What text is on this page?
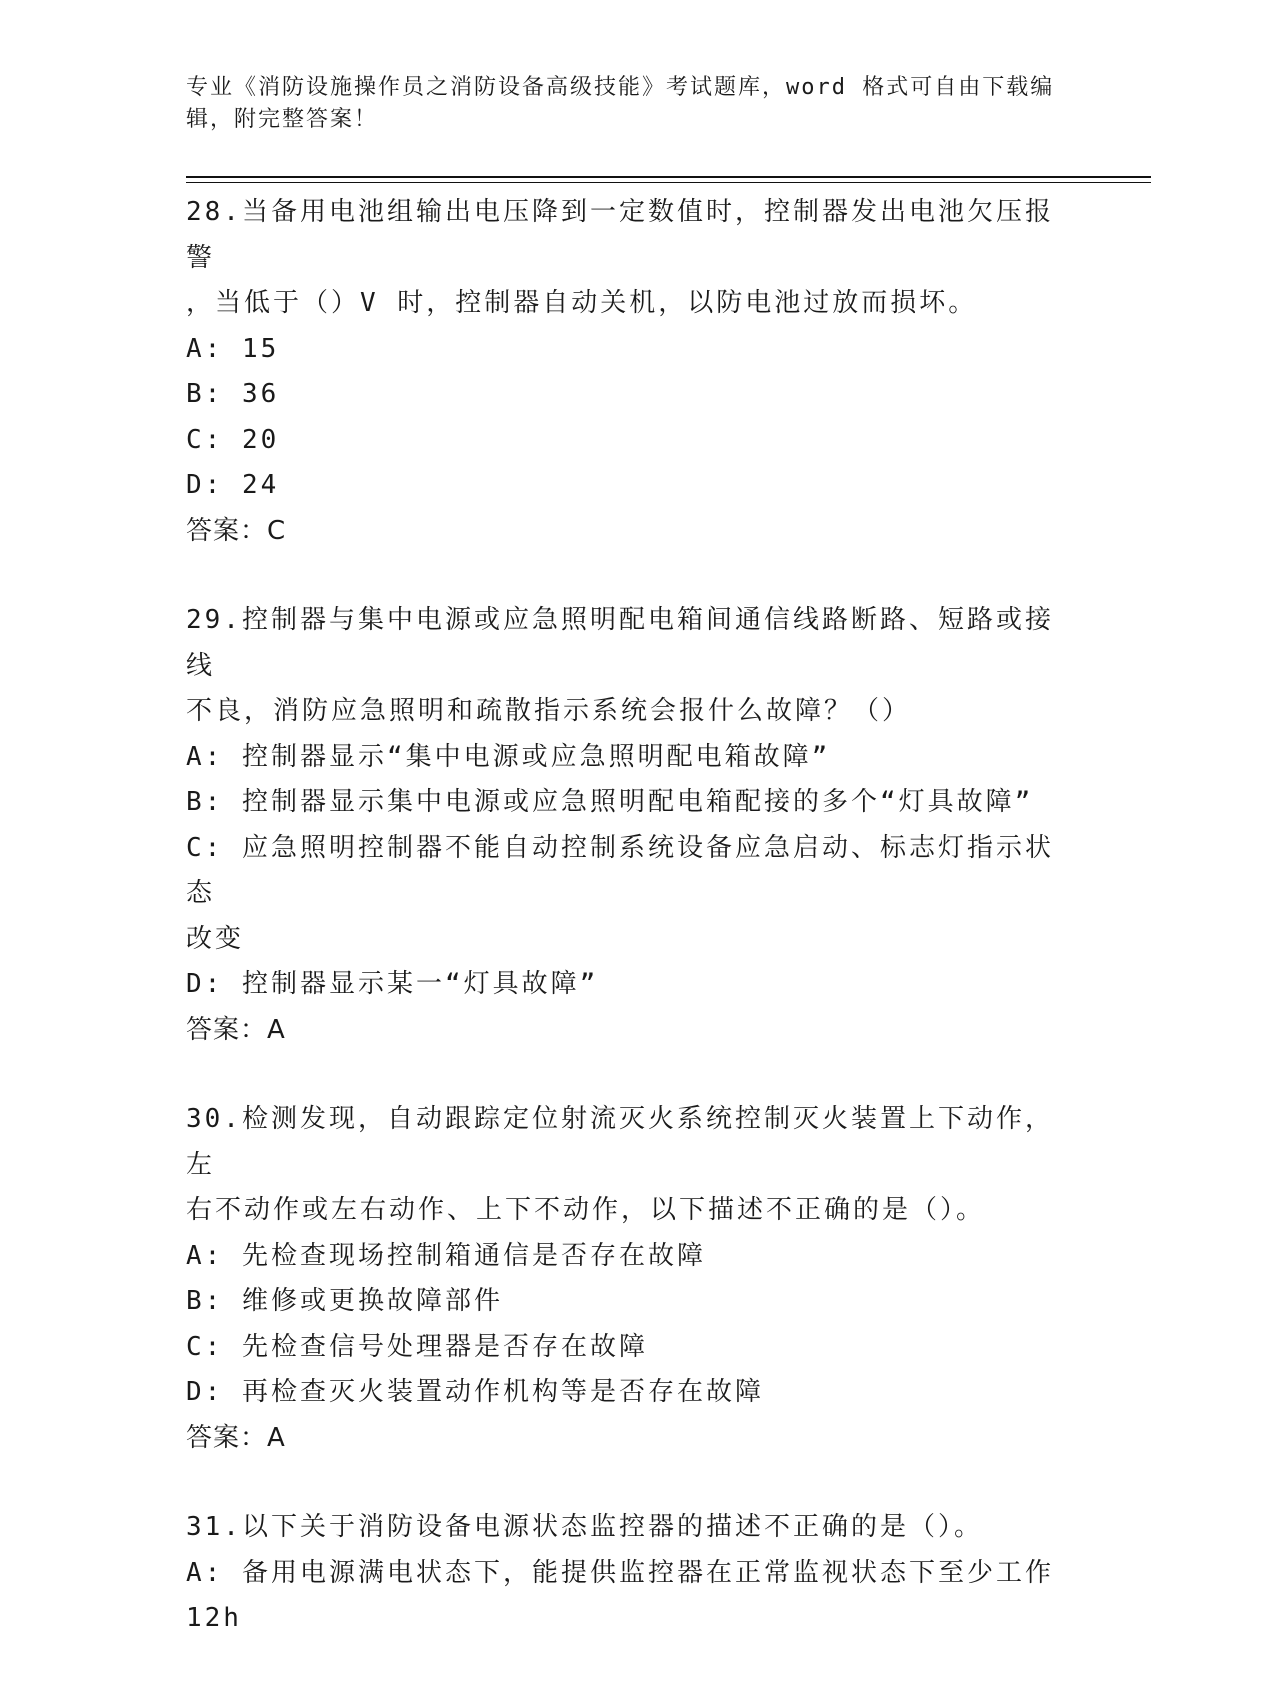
专业《消防设施操作员之消防设备高级技能》考试题库，word 格式可自由下载编
辑，附完整答案！

28.当备用电池组输出电压降到一定数值时，控制器发出电池欠压报警

，当低于（）V 时，控制器自动关机，以防电池过放而损坏。

A: 15

B: 36

C: 20

D: 24

答案：C

29.控制器与集中电源或应急照明配电箱间通信线路断路、短路或接线

不良，消防应急照明和疏散指示系统会报什么故障？（）

A: 控制器显示“集中电源或应急照明配电箱故障”

B: 控制器显示集中电源或应急照明配电箱配接的多个“灯具故障”

C: 应急照明控制器不能自动控制系统设备应急启动、标志灯指示状态

改变

D: 控制器显示某一“灯具故障”

答案：A

30.检测发现，自动跟踪定位射流灭火系统控制灭火装置上下动作，左

右不动作或左右动作、上下不动作，以下描述不正确的是（）。

A: 先检查现场控制箱通信是否存在故障

B: 维修或更换故障部件

C: 先检查信号处理器是否存在故障

D: 再检查灭火装置动作机构等是否存在故障

答案：A

31.以下关于消防设备电源状态监控器的描述不正确的是（）。

A: 备用电源满电状态下，能提供监控器在正常监视状态下至少工作

12h
